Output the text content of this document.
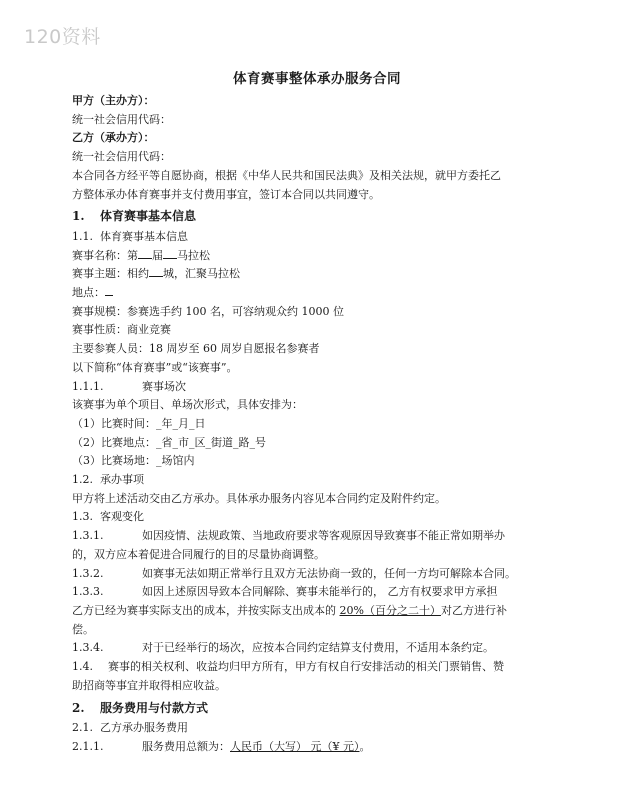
120资料
体育赛事整体承办服务合同
甲方（主办方）：
统一社会信用代码：
乙方（承办方）：
统一社会信用代码：
本合同各方经平等自愿协商，根据《中华人民共和国民法典》及相关法规，就甲方委托乙
方整体承办体育赛事并支付费用事宜，签订本合同以共同遵守。
1. 体育赛事基本信息
1.1. 体育赛事基本信息
赛事名称：第 届 马拉松
赛事主题：相约 城，汇聚马拉松
地点：
赛事规模：参赛选手约 100 名，可容纳观众约 1000 位
赛事性质：商业竞赛
主要参赛人员：18 周岁至 60 周岁自愿报名参赛者
以下简称“体育赛事”或“该赛事”。
1.1.1.	赛事场次
该赛事为单个项目、单场次形式，具体安排为：
（1）比赛时间：_年_月_日
（2）比赛地点：_省_市_区_街道_路_号
（3）比赛场地：_场馆内
1.2. 承办事项
甲方将上述活动交由乙方承办。具体承办服务内容见本合同约定及附件约定。
1.3. 客观变化
1.3.1.	如因疫情、法规政策、当地政府要求等客观原因导致赛事不能正常如期举办
的，双方应本着促进合同履行的目的尽量协商调整。
1.3.2.	如赛事无法如期正常举行且双方无法协商一致的，任何一方均可解除本合同。
1.3.3.	如因上述原因导致本合同解除、赛事未能举行的， 乙方有权要求甲方承担
乙方已经为赛事实际支出的成本，并按实际支出成本的 20%（百分之二十）对乙方进行补
偿。
1.3.4.	对于已经举行的场次，应按本合同约定结算支付费用，不适用本条约定。
1.4. 赛事的相关权利、收益均归甲方所有，甲方有权自行安排活动的相关门票销售、赞
助招商等事宜并取得相应收益。
2. 服务费用与付款方式
2.1. 乙方承办服务费用
2.1.1.	服务费用总额为：人民币（大写） 元（¥ 元）。
